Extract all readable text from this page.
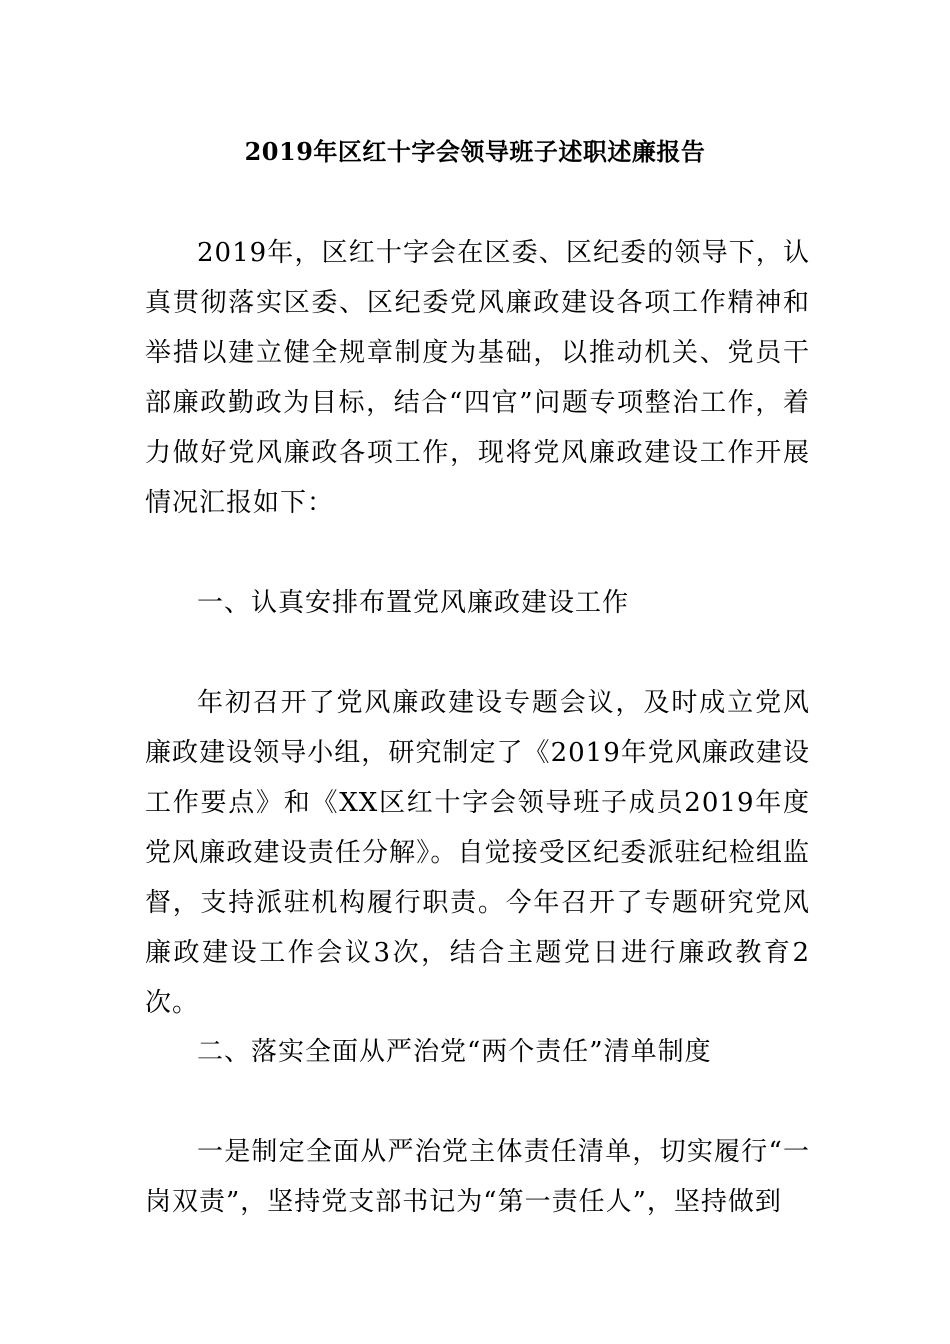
2019年区红十字会领导班子述职述廉报告

2019年，区红十字会在区委、区纪委的领导下，认真贯彻落实区委、区纪委党风廉政建设各项工作精神和举措以建立健全规章制度为基础，以推动机关、党员干部廉政勤政为目标，结合“四官”问题专项整治工作，着力做好党风廉政各项工作，现将党风廉政建设工作开展情况汇报如下：

一、认真安排布置党风廉政建设工作

年初召开了党风廉政建设专题会议，及时成立党风廉政建设领导小组，研究制定了《2019年党风廉政建设工作要点》和《XX区红十字会领导班子成员2019年度党风廉政建设责任分解》。自觉接受区纪委派驻纪检组监督，支持派驻机构履行职责。今年召开了专题研究党风廉政建设工作会议3次，结合主题党日进行廉政教育2次。

二、落实全面从严治党“两个责任”清单制度

一是制定全面从严治党主体责任清单，切实履行“一岗双责”，坚持党支部书记为“第一责任人”，坚持做到
